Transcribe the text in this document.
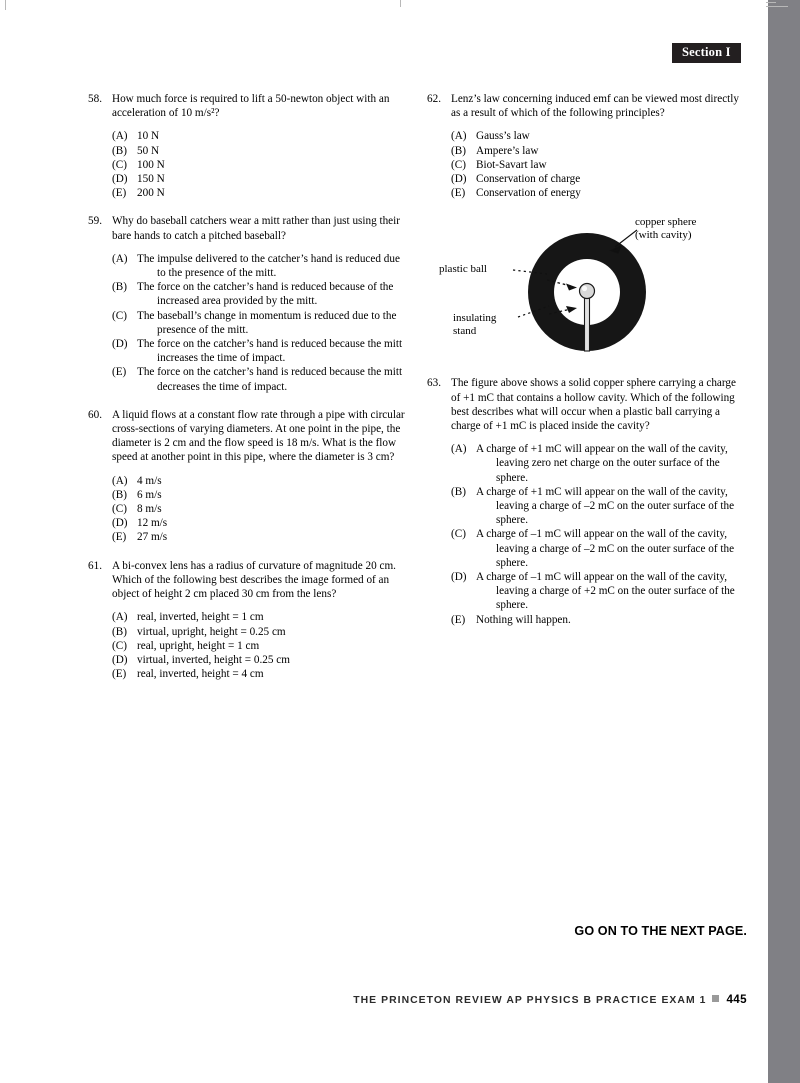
Section I
58. How much force is required to lift a 50-newton object with an acceleration of 10 m/s²?

(A) 10 N
(B) 50 N
(C) 100 N
(D) 150 N
(E) 200 N
59. Why do baseball catchers wear a mitt rather than just using their bare hands to catch a pitched baseball?

(A) The impulse delivered to the catcher’s hand is reduced due to the presence of the mitt.
(B) The force on the catcher’s hand is reduced because of the increased area provided by the mitt.
(C) The baseball’s change in momentum is reduced due to the presence of the mitt.
(D) The force on the catcher’s hand is reduced because the mitt increases the time of impact.
(E) The force on the catcher’s hand is reduced because the mitt decreases the time of impact.
60. A liquid flows at a constant flow rate through a pipe with circular cross-sections of varying diameters. At one point in the pipe, the diameter is 2 cm and the flow speed is 18 m/s. What is the flow speed at another point in this pipe, where the diameter is 3 cm?

(A) 4 m/s
(B) 6 m/s
(C) 8 m/s
(D) 12 m/s
(E) 27 m/s
61. A bi-convex lens has a radius of curvature of magnitude 20 cm. Which of the following best describes the image formed of an object of height 2 cm placed 30 cm from the lens?

(A) real, inverted, height = 1 cm
(B) virtual, upright, height = 0.25 cm
(C) real, upright, height = 1 cm
(D) virtual, inverted, height = 0.25 cm
(E) real, inverted, height = 4 cm
62. Lenz’s law concerning induced emf can be viewed most directly as a result of which of the following principles?

(A) Gauss’s law
(B) Ampere’s law
(C) Biot-Savart law
(D) Conservation of charge
(E) Conservation of energy
copper sphere
(with cavity)
plastic ball
insulating
stand
63. The figure above shows a solid copper sphere carrying a charge of +1 mC that contains a hollow cavity. Which of the following best describes what will occur when a plastic ball carrying a charge of +1 mC is placed inside the cavity?

(A) A charge of +1 mC will appear on the wall of the cavity, leaving zero net charge on the outer surface of the sphere.
(B) A charge of +1 mC will appear on the wall of the cavity, leaving a charge of –2 mC on the outer surface of the sphere.
(C) A charge of –1 mC will appear on the wall of the cavity, leaving a charge of –2 mC on the outer surface of the sphere.
(D) A charge of –1 mC will appear on the wall of the cavity, leaving a charge of +2 mC on the outer surface of the sphere.
(E) Nothing will happen.
GO ON TO THE NEXT PAGE.
THE PRINCETON REVIEW AP PHYSICS B PRACTICE EXAM 1 445
